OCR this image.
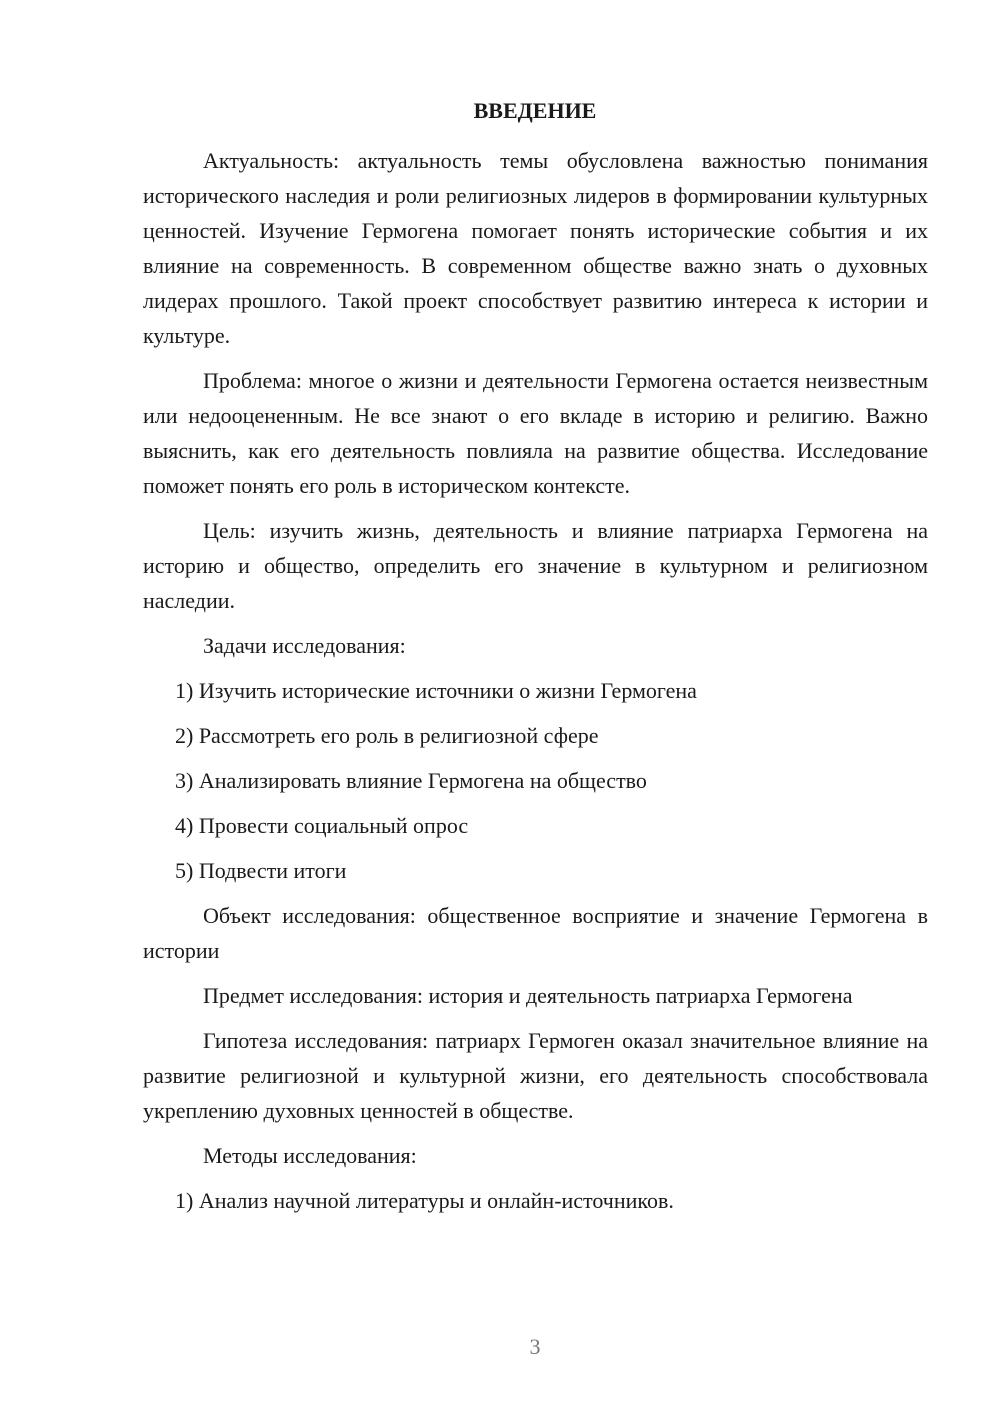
ВВЕДЕНИЕ

Актуальность: актуальность темы обусловлена важностью понимания исторического наследия и роли религиозных лидеров в формировании культурных ценностей. Изучение Гермогена помогает понять исторические события и их влияние на современность. В современном обществе важно знать о духовных лидерах прошлого. Такой проект способствует развитию интереса к истории и культуре.

Проблема: многое о жизни и деятельности Гермогена остается неизвестным или недооцененным. Не все знают о его вкладе в историю и религию. Важно выяснить, как его деятельность повлияла на развитие общества. Исследование поможет понять его роль в историческом контексте.

Цель: изучить жизнь, деятельность и влияние патриарха Гермогена на историю и общество, определить его значение в культурном и религиозном наследии.

Задачи исследования:

1) Изучить исторические источники о жизни Гермогена
2) Рассмотреть его роль в религиозной сфере
3) Анализировать влияние Гермогена на общество
4) Провести социальный опрос
5) Подвести итоги

Объект исследования: общественное восприятие и значение Гермогена в истории

Предмет исследования: история и деятельность патриарха Гермогена

Гипотеза исследования: патриарх Гермоген оказал значительное влияние на развитие религиозной и культурной жизни, его деятельность способствовала укреплению духовных ценностей в обществе.

Методы исследования:

1) Анализ научной литературы и онлайн-источников.
3
